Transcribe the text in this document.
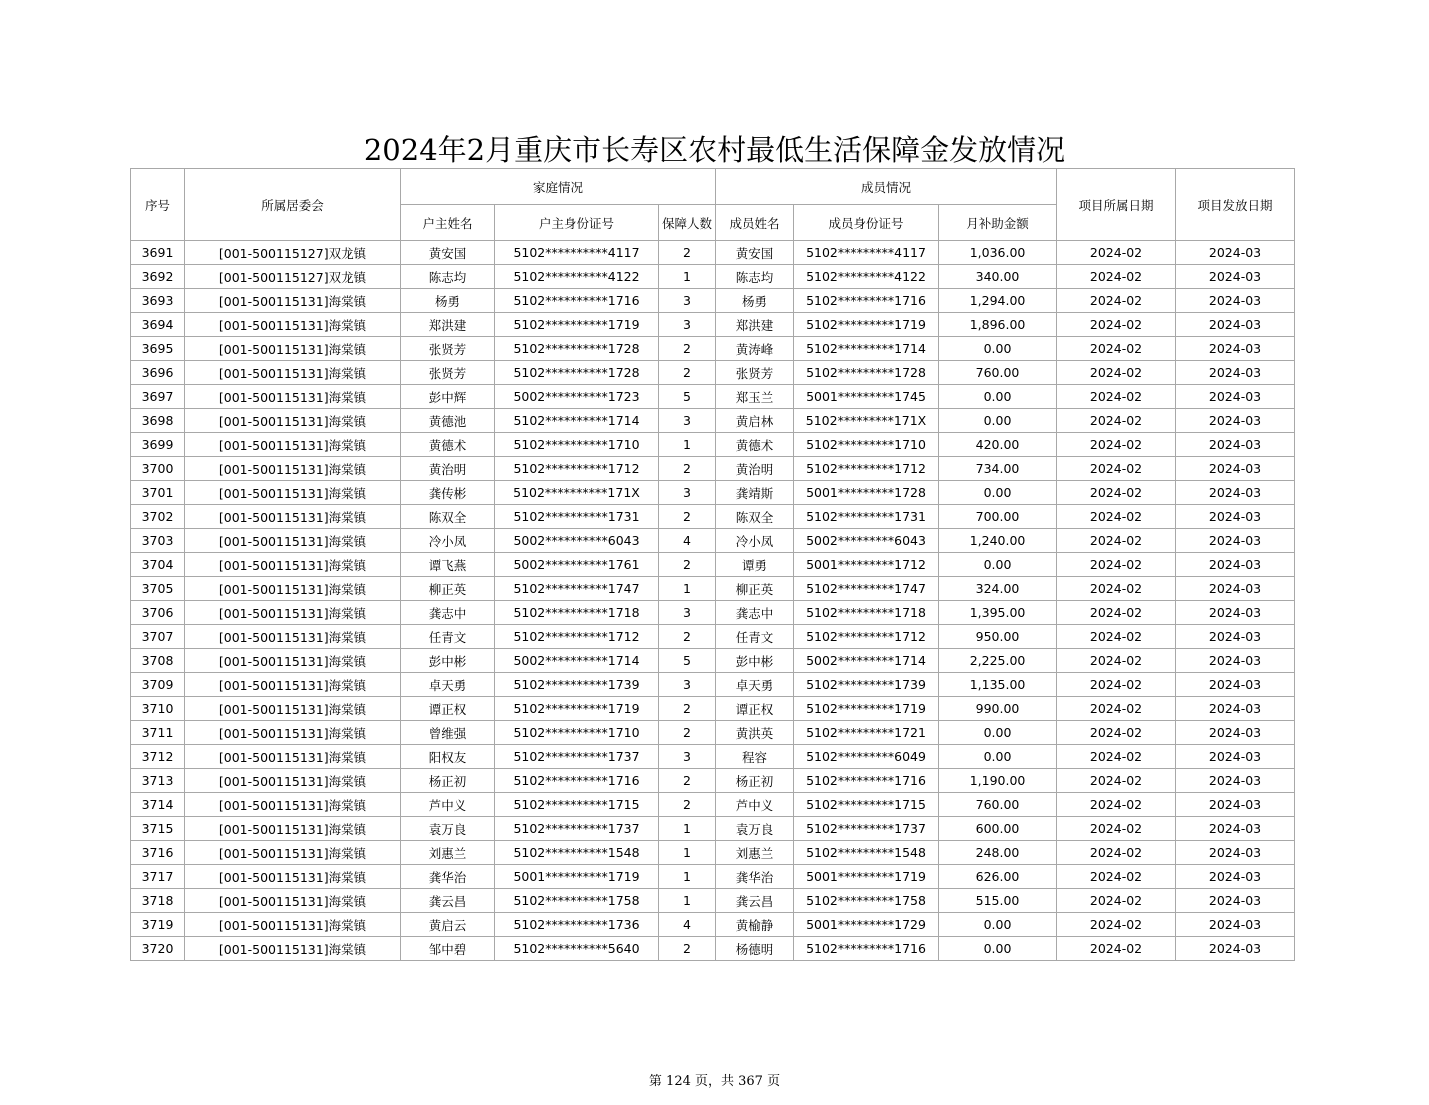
2024年2月重庆市长寿区农村最低生活保障金发放情况
序号	所属居委会	家庭情况			成员情况			项目所属日期	项目发放日期
		户主姓名	户主身份证号	保障人数	成员姓名	成员身份证号	月补助金额		
3691	[001-500115127]双龙镇	黄安国	5102**********4117	2	黄安国	5102*********4117	1,036.00	2024-02	2024-03
3692	[001-500115127]双龙镇	陈志均	5102**********4122	1	陈志均	5102*********4122	340.00	2024-02	2024-03
3693	[001-500115131]海棠镇	杨勇	5102**********1716	3	杨勇	5102*********1716	1,294.00	2024-02	2024-03
3694	[001-500115131]海棠镇	郑洪建	5102**********1719	3	郑洪建	5102*********1719	1,896.00	2024-02	2024-03
3695	[001-500115131]海棠镇	张贤芳	5102**********1728	2	黄涛峰	5102*********1714	0.00	2024-02	2024-03
3696	[001-500115131]海棠镇	张贤芳	5102**********1728	2	张贤芳	5102*********1728	760.00	2024-02	2024-03
3697	[001-500115131]海棠镇	彭中辉	5002**********1723	5	郑玉兰	5001*********1745	0.00	2024-02	2024-03
3698	[001-500115131]海棠镇	黄德池	5102**********1714	3	黄启林	5102*********171X	0.00	2024-02	2024-03
3699	[001-500115131]海棠镇	黄德术	5102**********1710	1	黄德术	5102*********1710	420.00	2024-02	2024-03
3700	[001-500115131]海棠镇	黄治明	5102**********1712	2	黄治明	5102*********1712	734.00	2024-02	2024-03
3701	[001-500115131]海棠镇	龚传彬	5102**********171X	3	龚靖斯	5001*********1728	0.00	2024-02	2024-03
3702	[001-500115131]海棠镇	陈双全	5102**********1731	2	陈双全	5102*********1731	700.00	2024-02	2024-03
3703	[001-500115131]海棠镇	冷小凤	5002**********6043	4	冷小凤	5002*********6043	1,240.00	2024-02	2024-03
3704	[001-500115131]海棠镇	谭飞燕	5002**********1761	2	谭勇	5001*********1712	0.00	2024-02	2024-03
3705	[001-500115131]海棠镇	柳正英	5102**********1747	1	柳正英	5102*********1747	324.00	2024-02	2024-03
3706	[001-500115131]海棠镇	龚志中	5102**********1718	3	龚志中	5102*********1718	1,395.00	2024-02	2024-03
3707	[001-500115131]海棠镇	任青文	5102**********1712	2	任青文	5102*********1712	950.00	2024-02	2024-03
3708	[001-500115131]海棠镇	彭中彬	5002**********1714	5	彭中彬	5002*********1714	2,225.00	2024-02	2024-03
3709	[001-500115131]海棠镇	卓天勇	5102**********1739	3	卓天勇	5102*********1739	1,135.00	2024-02	2024-03
3710	[001-500115131]海棠镇	谭正权	5102**********1719	2	谭正权	5102*********1719	990.00	2024-02	2024-03
3711	[001-500115131]海棠镇	曾维强	5102**********1710	2	黄洪英	5102*********1721	0.00	2024-02	2024-03
3712	[001-500115131]海棠镇	阳权友	5102**********1737	3	程容	5102*********6049	0.00	2024-02	2024-03
3713	[001-500115131]海棠镇	杨正初	5102**********1716	2	杨正初	5102*********1716	1,190.00	2024-02	2024-03
3714	[001-500115131]海棠镇	芦中义	5102**********1715	2	芦中义	5102*********1715	760.00	2024-02	2024-03
3715	[001-500115131]海棠镇	袁万良	5102**********1737	1	袁万良	5102*********1737	600.00	2024-02	2024-03
3716	[001-500115131]海棠镇	刘惠兰	5102**********1548	1	刘惠兰	5102*********1548	248.00	2024-02	2024-03
3717	[001-500115131]海棠镇	龚华治	5001**********1719	1	龚华治	5001*********1719	626.00	2024-02	2024-03
3718	[001-500115131]海棠镇	龚云昌	5102**********1758	1	龚云昌	5102*********1758	515.00	2024-02	2024-03
3719	[001-500115131]海棠镇	黄启云	5102**********1736	4	黄榆静	5001*********1729	0.00	2024-02	2024-03
3720	[001-500115131]海棠镇	邹中碧	5102**********5640	2	杨德明	5102*********1716	0.00	2024-02	2024-03
第 124 页，共 367 页
